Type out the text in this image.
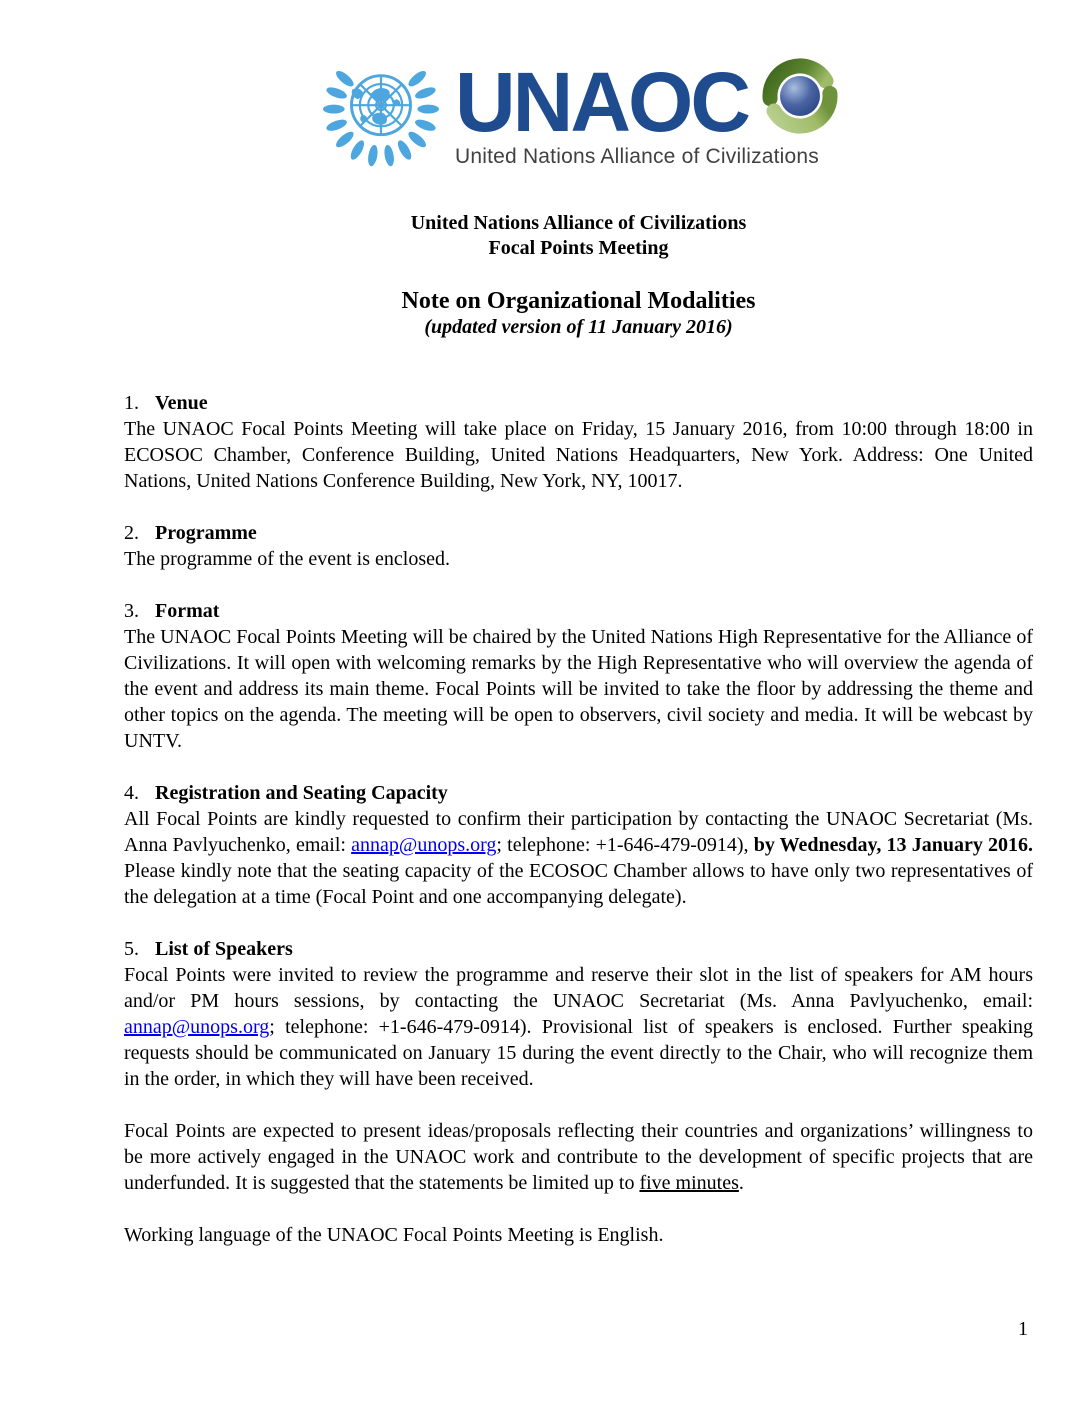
UNAOC
United Nations Alliance of Civilizations
United Nations Alliance of Civilizations
Focal Points Meeting
Note on Organizational Modalities
(updated version of 11 January 2016)

1. Venue

The UNAOC Focal Points Meeting will take place on Friday, 15 January 2016, from 10:00 through 18:00 in ECOSOC Chamber, Conference Building, United Nations Headquarters, New York. Address: One United Nations, United Nations Conference Building, New York, NY, 10017.

2. Programme

The programme of the event is enclosed.

3. Format

The UNAOC Focal Points Meeting will be chaired by the United Nations High Representative for the Alliance of Civilizations. It will open with welcoming remarks by the High Representative who will overview the agenda of the event and address its main theme. Focal Points will be invited to take the floor by addressing the theme and other topics on the agenda. The meeting will be open to observers, civil society and media. It will be webcast by UNTV.

4. Registration and Seating Capacity

All Focal Points are kindly requested to confirm their participation by contacting the UNAOC Secretariat (Ms. Anna Pavlyuchenko, email: annap@unops.org; telephone: +1-646-479-0914), by Wednesday, 13 January 2016. Please kindly note that the seating capacity of the ECOSOC Chamber allows to have only two representatives of the delegation at a time (Focal Point and one accompanying delegate).

5. List of Speakers

Focal Points were invited to review the programme and reserve their slot in the list of speakers for AM hours and/or PM hours sessions, by contacting the UNAOC Secretariat (Ms. Anna Pavlyuchenko, email: annap@unops.org; telephone: +1-646-479-0914). Provisional list of speakers is enclosed. Further speaking requests should be communicated on January 15 during the event directly to the Chair, who will recognize them in the order, in which they will have been received.

Focal Points are expected to present ideas/proposals reflecting their countries and organizations’ willingness to be more actively engaged in the UNAOC work and contribute to the development of specific projects that are underfunded. It is suggested that the statements be limited up to five minutes.

Working language of the UNAOC Focal Points Meeting is English.

1
